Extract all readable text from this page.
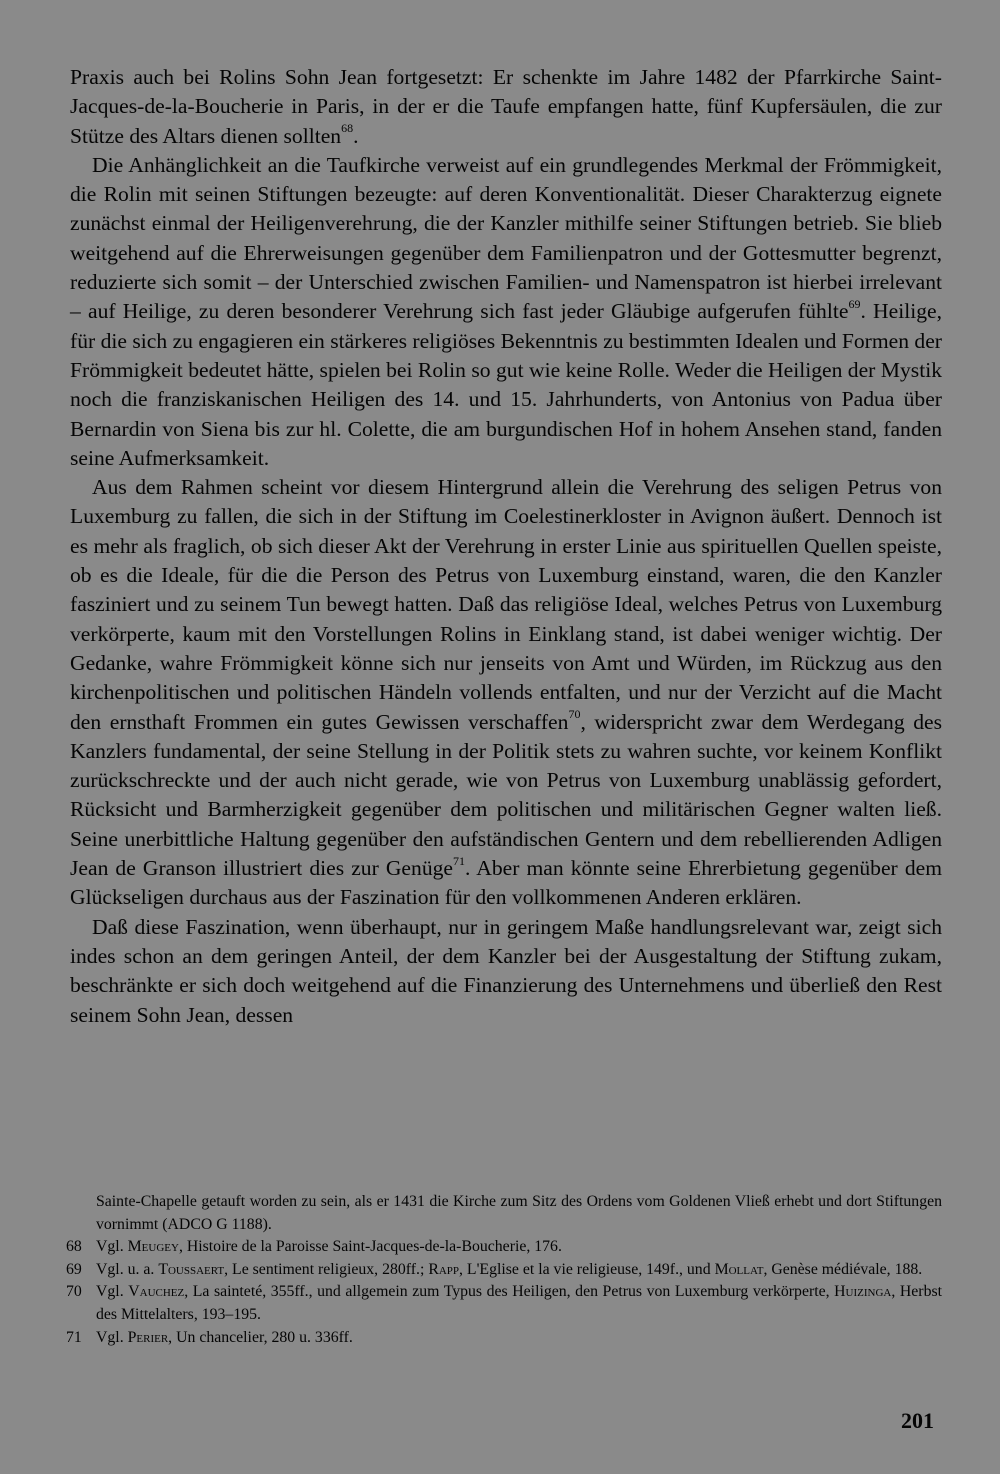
Praxis auch bei Rolins Sohn Jean fortgesetzt: Er schenkte im Jahre 1482 der Pfarrkirche Saint-Jacques-de-la-Boucherie in Paris, in der er die Taufe empfangen hatte, fünf Kupfersäulen, die zur Stütze des Altars dienen sollten$^{68}$.

Die Anhänglichkeit an die Taufkirche verweist auf ein grundlegendes Merkmal der Frömmigkeit, die Rolin mit seinen Stiftungen bezeugte: auf deren Konventionalität. Dieser Charakterzug eignete zunächst einmal der Heiligenverehrung, die der Kanzler mithilfe seiner Stiftungen betrieb. Sie blieb weitgehend auf die Ehrerweisungen gegenüber dem Familienpatron und der Gottesmutter begrenzt, reduzierte sich somit – der Unterschied zwischen Familien- und Namenspatron ist hierbei irrelevant – auf Heilige, zu deren besonderer Verehrung sich fast jeder Gläubige aufgerufen fühlte$^{69}$. Heilige, für die sich zu engagieren ein stärkeres religiöses Bekenntnis zu bestimmten Idealen und Formen der Frömmigkeit bedeutet hätte, spielen bei Rolin so gut wie keine Rolle. Weder die Heiligen der Mystik noch die franziskanischen Heiligen des 14. und 15. Jahrhunderts, von Antonius von Padua über Bernardin von Siena bis zur hl. Colette, die am burgundischen Hof in hohem Ansehen stand, fanden seine Aufmerksamkeit.

Aus dem Rahmen scheint vor diesem Hintergrund allein die Verehrung des seligen Petrus von Luxemburg zu fallen, die sich in der Stiftung im Coelestinerkloster in Avignon äußert. Dennoch ist es mehr als fraglich, ob sich dieser Akt der Verehrung in erster Linie aus spirituellen Quellen speiste, ob es die Ideale, für die die Person des Petrus von Luxemburg einstand, waren, die den Kanzler fasziniert und zu seinem Tun bewegt hatten. Daß das religiöse Ideal, welches Petrus von Luxemburg verkörperte, kaum mit den Vorstellungen Rolins in Einklang stand, ist dabei weniger wichtig. Der Gedanke, wahre Frömmigkeit könne sich nur jenseits von Amt und Würden, im Rückzug aus den kirchenpolitischen und politischen Händeln vollends entfalten, und nur der Verzicht auf die Macht den ernsthaft Frommen ein gutes Gewissen verschaffen$^{70}$, widerspricht zwar dem Werdegang des Kanzlers fundamental, der seine Stellung in der Politik stets zu wahren suchte, vor keinem Konflikt zurückschreckte und der auch nicht gerade, wie von Petrus von Luxemburg unablässig gefordert, Rücksicht und Barmherzigkeit gegenüber dem politischen und militärischen Gegner walten ließ. Seine unerbittliche Haltung gegenüber den aufständischen Gentern und dem rebellierenden Adligen Jean de Granson illustriert dies zur Genüge$^{71}$. Aber man könnte seine Ehrerbietung gegenüber dem Glückseligen durchaus aus der Faszination für den vollkommenen Anderen erklären.

Daß diese Faszination, wenn überhaupt, nur in geringem Maße handlungsrelevant war, zeigt sich indes schon an dem geringen Anteil, der dem Kanzler bei der Ausgestaltung der Stiftung zukam, beschränkte er sich doch weitgehend auf die Finanzierung des Unternehmens und überließ den Rest seinem Sohn Jean, dessen

Sainte-Chapelle getauft worden zu sein, als er 1431 die Kirche zum Sitz des Ordens vom Goldenen Vließ erhebt und dort Stiftungen vornimmt (ADCO G 1188).

68 Vgl. Meugey, Histoire de la Paroisse Saint-Jacques-de-la-Boucherie, 176.
69 Vgl. u. a. Toussaert, Le sentiment religieux, 280ff.; Rapp, L'Eglise et la vie religieuse, 149f., und Mollat, Genèse médiévale, 188.
70 Vgl. Vauchez, La sainteté, 355ff., und allgemein zum Typus des Heiligen, den Petrus von Luxemburg verkörperte, Huizinga, Herbst des Mittelalters, 193–195.
71 Vgl. Perier, Un chancelier, 280 u. 336ff.
201
